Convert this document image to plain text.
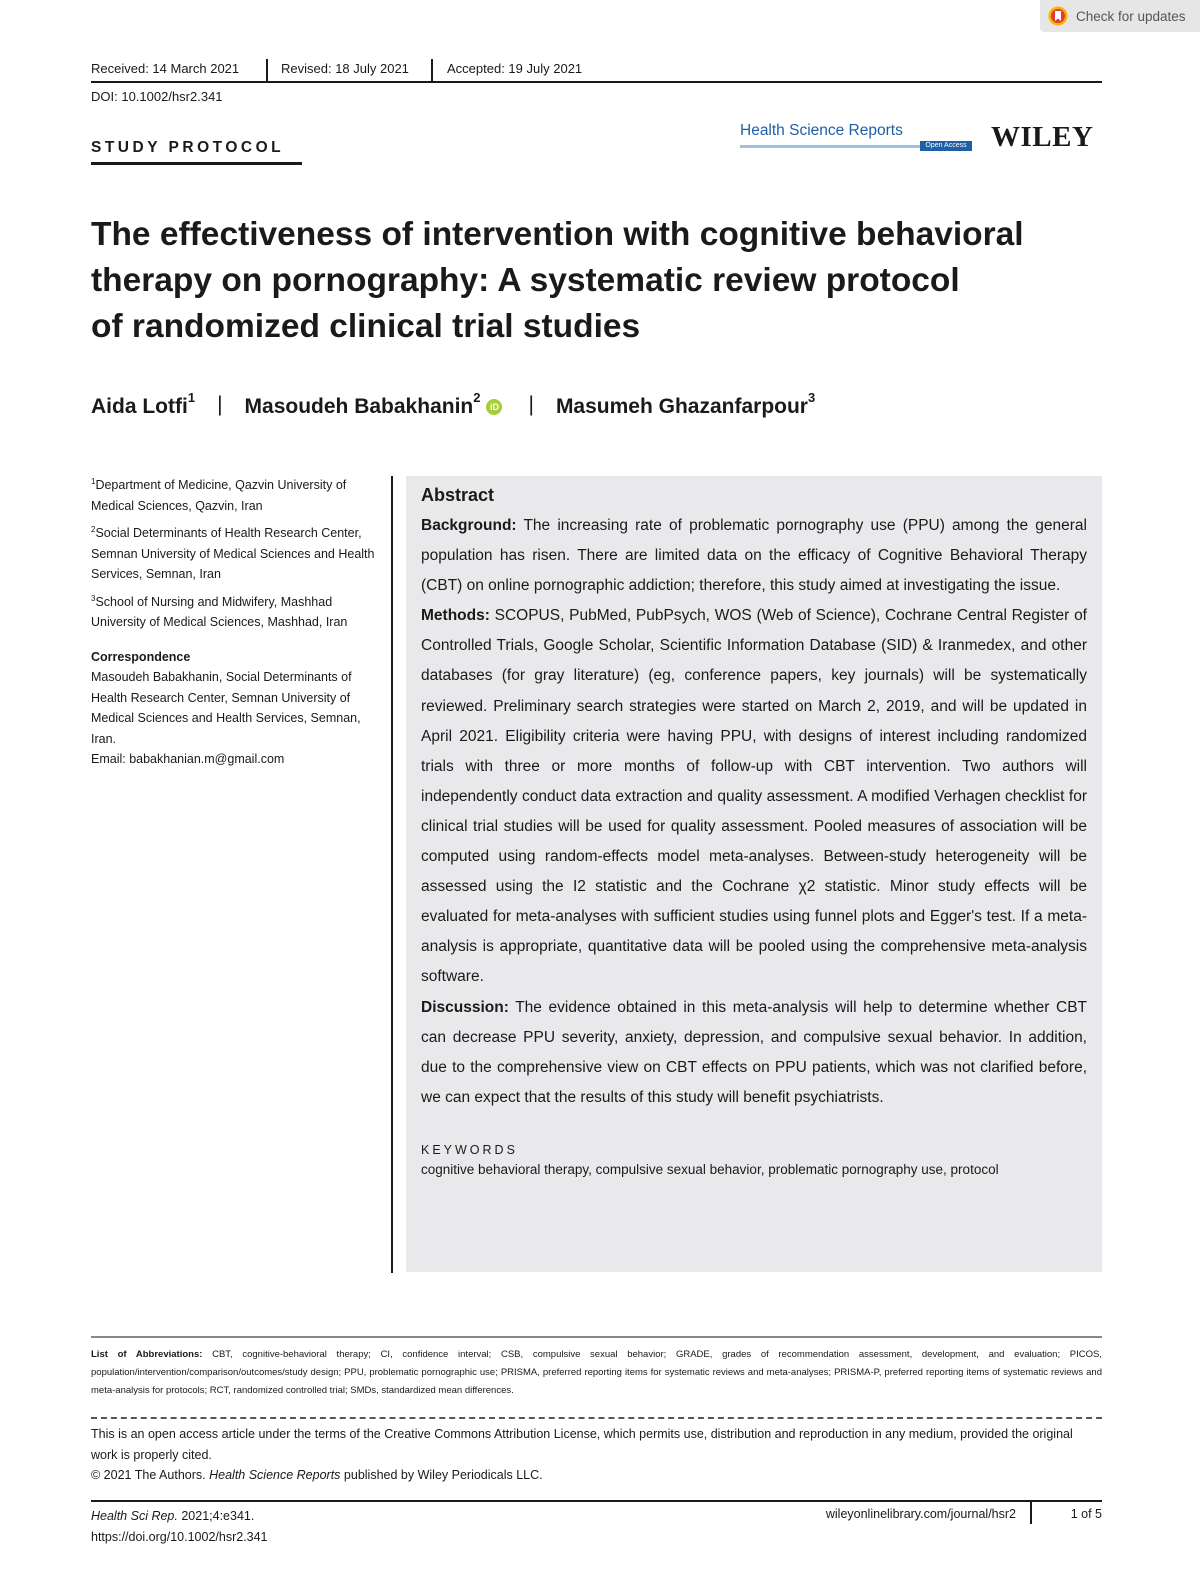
Check for updates
Received: 14 March 2021	Revised: 18 July 2021	Accepted: 19 July 2021
DOI: 10.1002/hsr2.341
STUDY PROTOCOL
Health Science Reports
Open Access WILEY
The effectiveness of intervention with cognitive behavioral
therapy on pornography: A systematic review protocol
of randomized clinical trial studies
Aida Lotfi$^1$ | Masoudeh Babakhanin$^2$
iD | Masumeh Ghazanfarpour$^3$
$^1$Department of Medicine, Qazvin University of Medical Sciences, Qazvin, Iran
$^2$Social Determinants of Health Research Center, Semnan University of Medical Sciences and Health Services, Semnan, Iran
$^3$School of Nursing and Midwifery, Mashhad University of Medical Sciences, Mashhad, Iran
Correspondence
Masoudeh Babakhanin, Social Determinants of Health Research Center, Semnan University of Medical Sciences and Health Services, Semnan, Iran.
Email: babakhanian.m@gmail.com
Abstract

Background: The increasing rate of problematic pornography use (PPU) among the general population has risen. There are limited data on the efficacy of Cognitive Behavioral Therapy (CBT) on online pornographic addiction; therefore, this study aimed at investigating the issue.

Methods: SCOPUS, PubMed, PubPsych, WOS (Web of Science), Cochrane Central Register of Controlled Trials, Google Scholar, Scientific Information Database (SID) & Iranmedex, and other databases (for gray literature) (eg, conference papers, key journals) will be systematically reviewed. Preliminary search strategies were started on March 2, 2019, and will be updated in April 2021. Eligibility criteria were having PPU, with designs of interest including randomized trials with three or more months of follow-up with CBT intervention. Two authors will independently conduct data extraction and quality assessment. A modified Verhagen checklist for clinical trial studies will be used for quality assessment. Pooled measures of association will be computed using random-effects model meta-analyses. Between-study heterogeneity will be assessed using the I2 statistic and the Cochrane χ2 statistic. Minor study effects will be evaluated for meta-analyses with sufficient studies using funnel plots and Egger's test. If a meta-analysis is appropriate, quantitative data will be pooled using the comprehensive meta-analysis software.

Discussion: The evidence obtained in this meta-analysis will help to determine whether CBT can decrease PPU severity, anxiety, depression, and compulsive sexual behavior. In addition, due to the comprehensive view on CBT effects on PPU patients, which was not clarified before, we can expect that the results of this study will benefit psychiatrists.

KEYWORDS
cognitive behavioral therapy, compulsive sexual behavior, problematic pornography use, protocol
List of Abbreviations: CBT, cognitive-behavioral therapy; CI, confidence interval; CSB, compulsive sexual behavior; GRADE, grades of recommendation assessment, development, and evaluation; PICOS, population/intervention/comparison/outcomes/study design; PPU, problematic pornographic use; PRISMA, preferred reporting items for systematic reviews and meta-analyses; PRISMA-P, preferred reporting items of systematic reviews and meta-analysis for protocols; RCT, randomized controlled trial; SMDs, standardized mean differences.
This is an open access article under the terms of the Creative Commons Attribution License, which permits use, distribution and reproduction in any medium, provided the original work is properly cited.
© 2021 The Authors. Health Science Reports published by Wiley Periodicals LLC.
Health Sci Rep. 2021;4:e341.
https://doi.org/10.1002/hsr2.341
wileyonlinelibrary.com/journal/hsr2	1 of 5
